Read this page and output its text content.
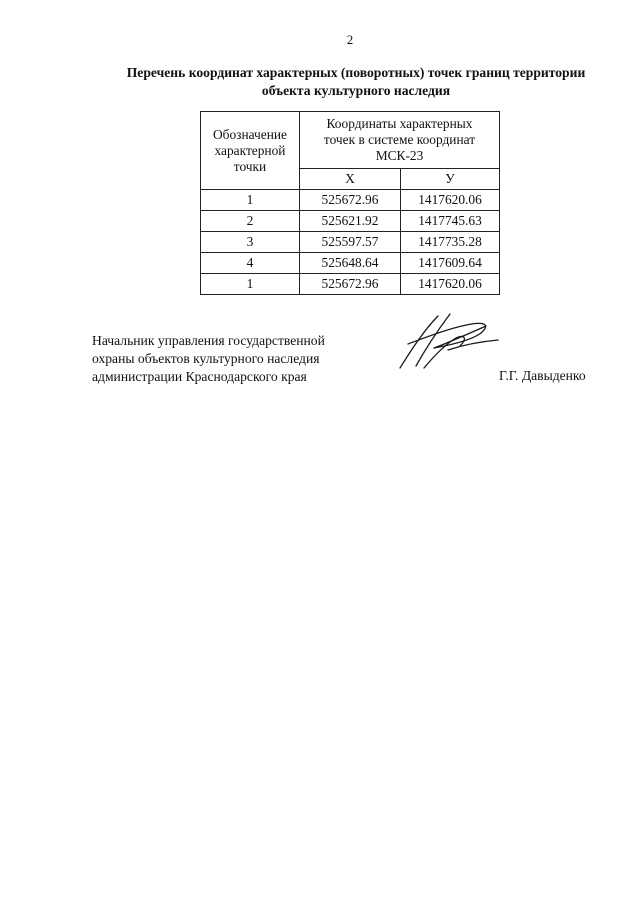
2
Перечень координат характерных (поворотных) точек границ территории
объекта культурного наследия
Обозначение
характерной
точки	Координаты характерных
точек в системе координат
МСК-23	
	X	У
1	525672.96	1417620.06
2	525621.92	1417745.63
3	525597.57	1417735.28
4	525648.64	1417609.64
1	525672.96	1417620.06
Начальник управления государственной
охраны объектов культурного наследия
администрации Краснодарского края	Г.Г. Давыденко
